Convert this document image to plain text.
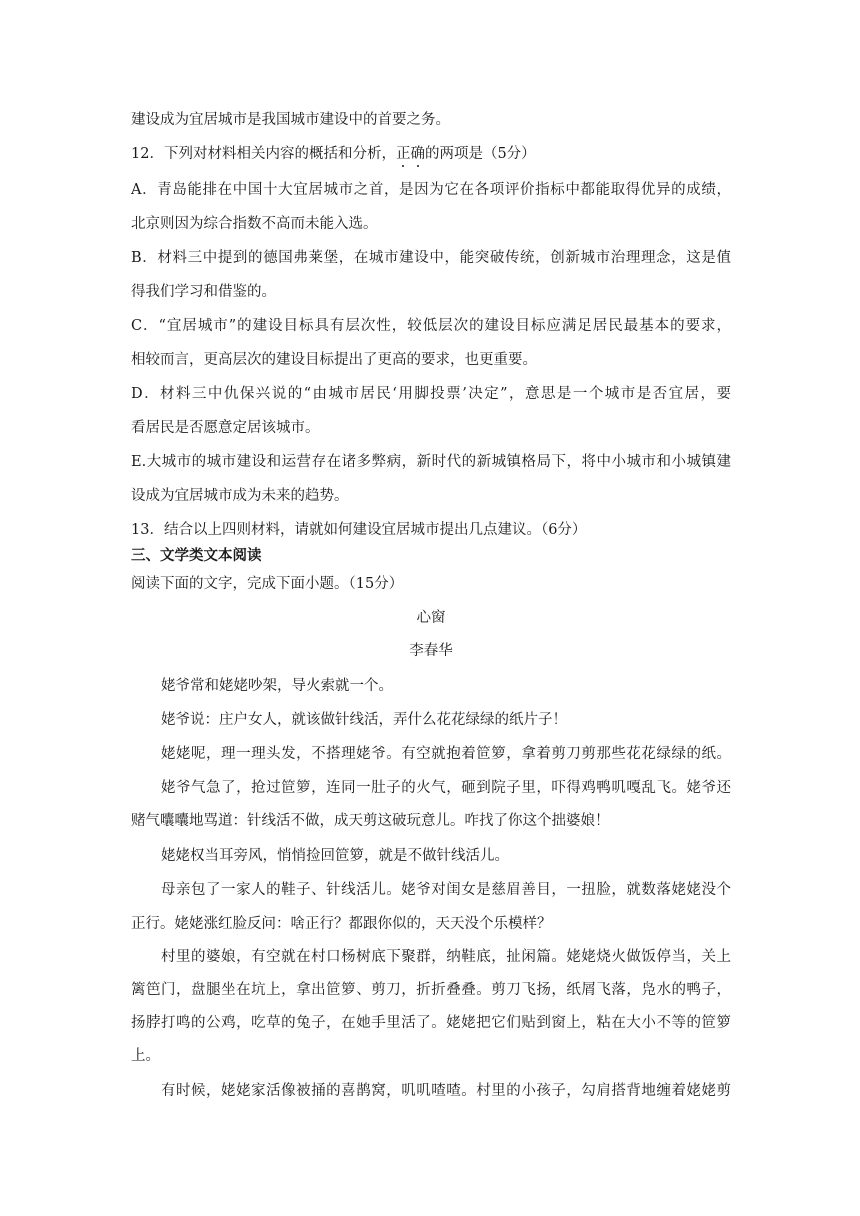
建设成为宜居城市是我国城市建设中的首要之务。
12．下列对材料相关内容的概括和分析，正确的两项是（5分）
A．青岛能排在中国十大宜居城市之首，是因为它在各项评价指标中都能取得优异的成绩，
北京则因为综合指数不高而未能入选。
B．材料三中提到的德国弗莱堡，在城市建设中，能突破传统，创新城市治理理念，这是值
得我们学习和借鉴的。
C．“宜居城市”的建设目标具有层次性，较低层次的建设目标应满足居民最基本的要求，
相较而言，更高层次的建设目标提出了更高的要求，也更重要。
D．材料三中仇保兴说的“由城市居民‘用脚投票’决定”，意思是一个城市是否宜居，要
看居民是否愿意定居该城市。
E.大城市的城市建设和运营存在诸多弊病，新时代的新城镇格局下，将中小城市和小城镇建
设成为宜居城市成为未来的趋势。
13．结合以上四则材料，请就如何建设宜居城市提出几点建议。（6分）
三、文学类文本阅读
阅读下面的文字，完成下面小题。（15分）
心窗
李春华
姥爷常和姥姥吵架，导火索就一个。
姥爷说：庄户女人，就该做针线活，弄什么花花绿绿的纸片子！
姥姥呢，理一理头发，不搭理姥爷。有空就抱着笸箩，拿着剪刀剪那些花花绿绿的纸。
姥爷气急了，抢过笸箩，连同一肚子的火气，砸到院子里，吓得鸡鸭叽嘎乱飞。姥爷还
赌气囔囔地骂道：针线活不做，成天剪这破玩意儿。咋找了你这个拙婆娘！
姥姥权当耳旁风，悄悄捡回笸箩，就是不做针线活儿。
母亲包了一家人的鞋子、针线活儿。姥爷对闺女是慈眉善目，一扭脸，就数落姥姥没个
正行。姥姥涨红脸反问：啥正行？都跟你似的，天天没个乐模样？
村里的婆娘，有空就在村口杨树底下聚群，纳鞋底，扯闲篇。姥姥烧火做饭停当，关上
篱笆门，盘腿坐在坑上，拿出笸箩、剪刀，折折叠叠。剪刀飞扬，纸屑飞落，凫水的鸭子，
扬脖打鸣的公鸡，吃草的兔子，在她手里活了。姥姥把它们贴到窗上，粘在大小不等的笸箩
上。
有时候，姥姥家活像被捅的喜鹊窝，叽叽喳喳。村里的小孩子，勾肩搭背地缠着姥姥剪
